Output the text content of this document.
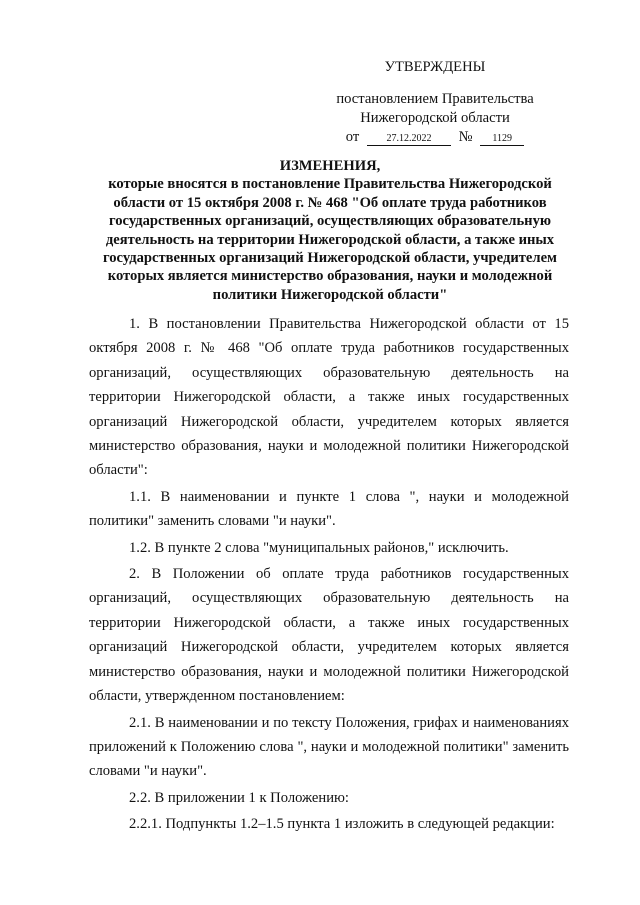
УТВЕРЖДЕНЫ
постановлением Правительства
Нижегородской области
от	27.12.2022 № 1129
ИЗМЕНЕНИЯ,
которые вносятся в постановление Правительства Нижегородской области от 15 октября 2008 г. № 468 "Об оплате труда работников государственных организаций, осуществляющих образовательную деятельность на территории Нижегородской области, а также иных государственных организаций Нижегородской области, учредителем которых является министерство образования, науки и молодежной политики Нижегородской области"

1. В постановлении Правительства Нижегородской области от 15 октября 2008 г. № 468 "Об оплате труда работников государственных организаций, осуществляющих образовательную деятельность на территории Нижегородской области, а также иных государственных организаций Нижегородской области, учредителем которых является министерство образования, науки и молодежной политики Нижегородской области":

1.1. В наименовании и пункте 1 слова ", науки и молодежной политики" заменить словами "и науки".

1.2. В пункте 2 слова "муниципальных районов," исключить.

2. В Положении об оплате труда работников государственных организаций, осуществляющих образовательную деятельность на территории Нижегородской области, а также иных государственных организаций Нижегородской области, учредителем которых является министерство образования, науки и молодежной политики Нижегородской области, утвержденном постановлением:

2.1. В наименовании и по тексту Положения, грифах и наименованиях приложений к Положению слова ", науки и молодежной политики" заменить словами "и науки".

2.2. В приложении 1 к Положению:

2.2.1. Подпункты 1.2–1.5 пункта 1 изложить в следующей редакции:
